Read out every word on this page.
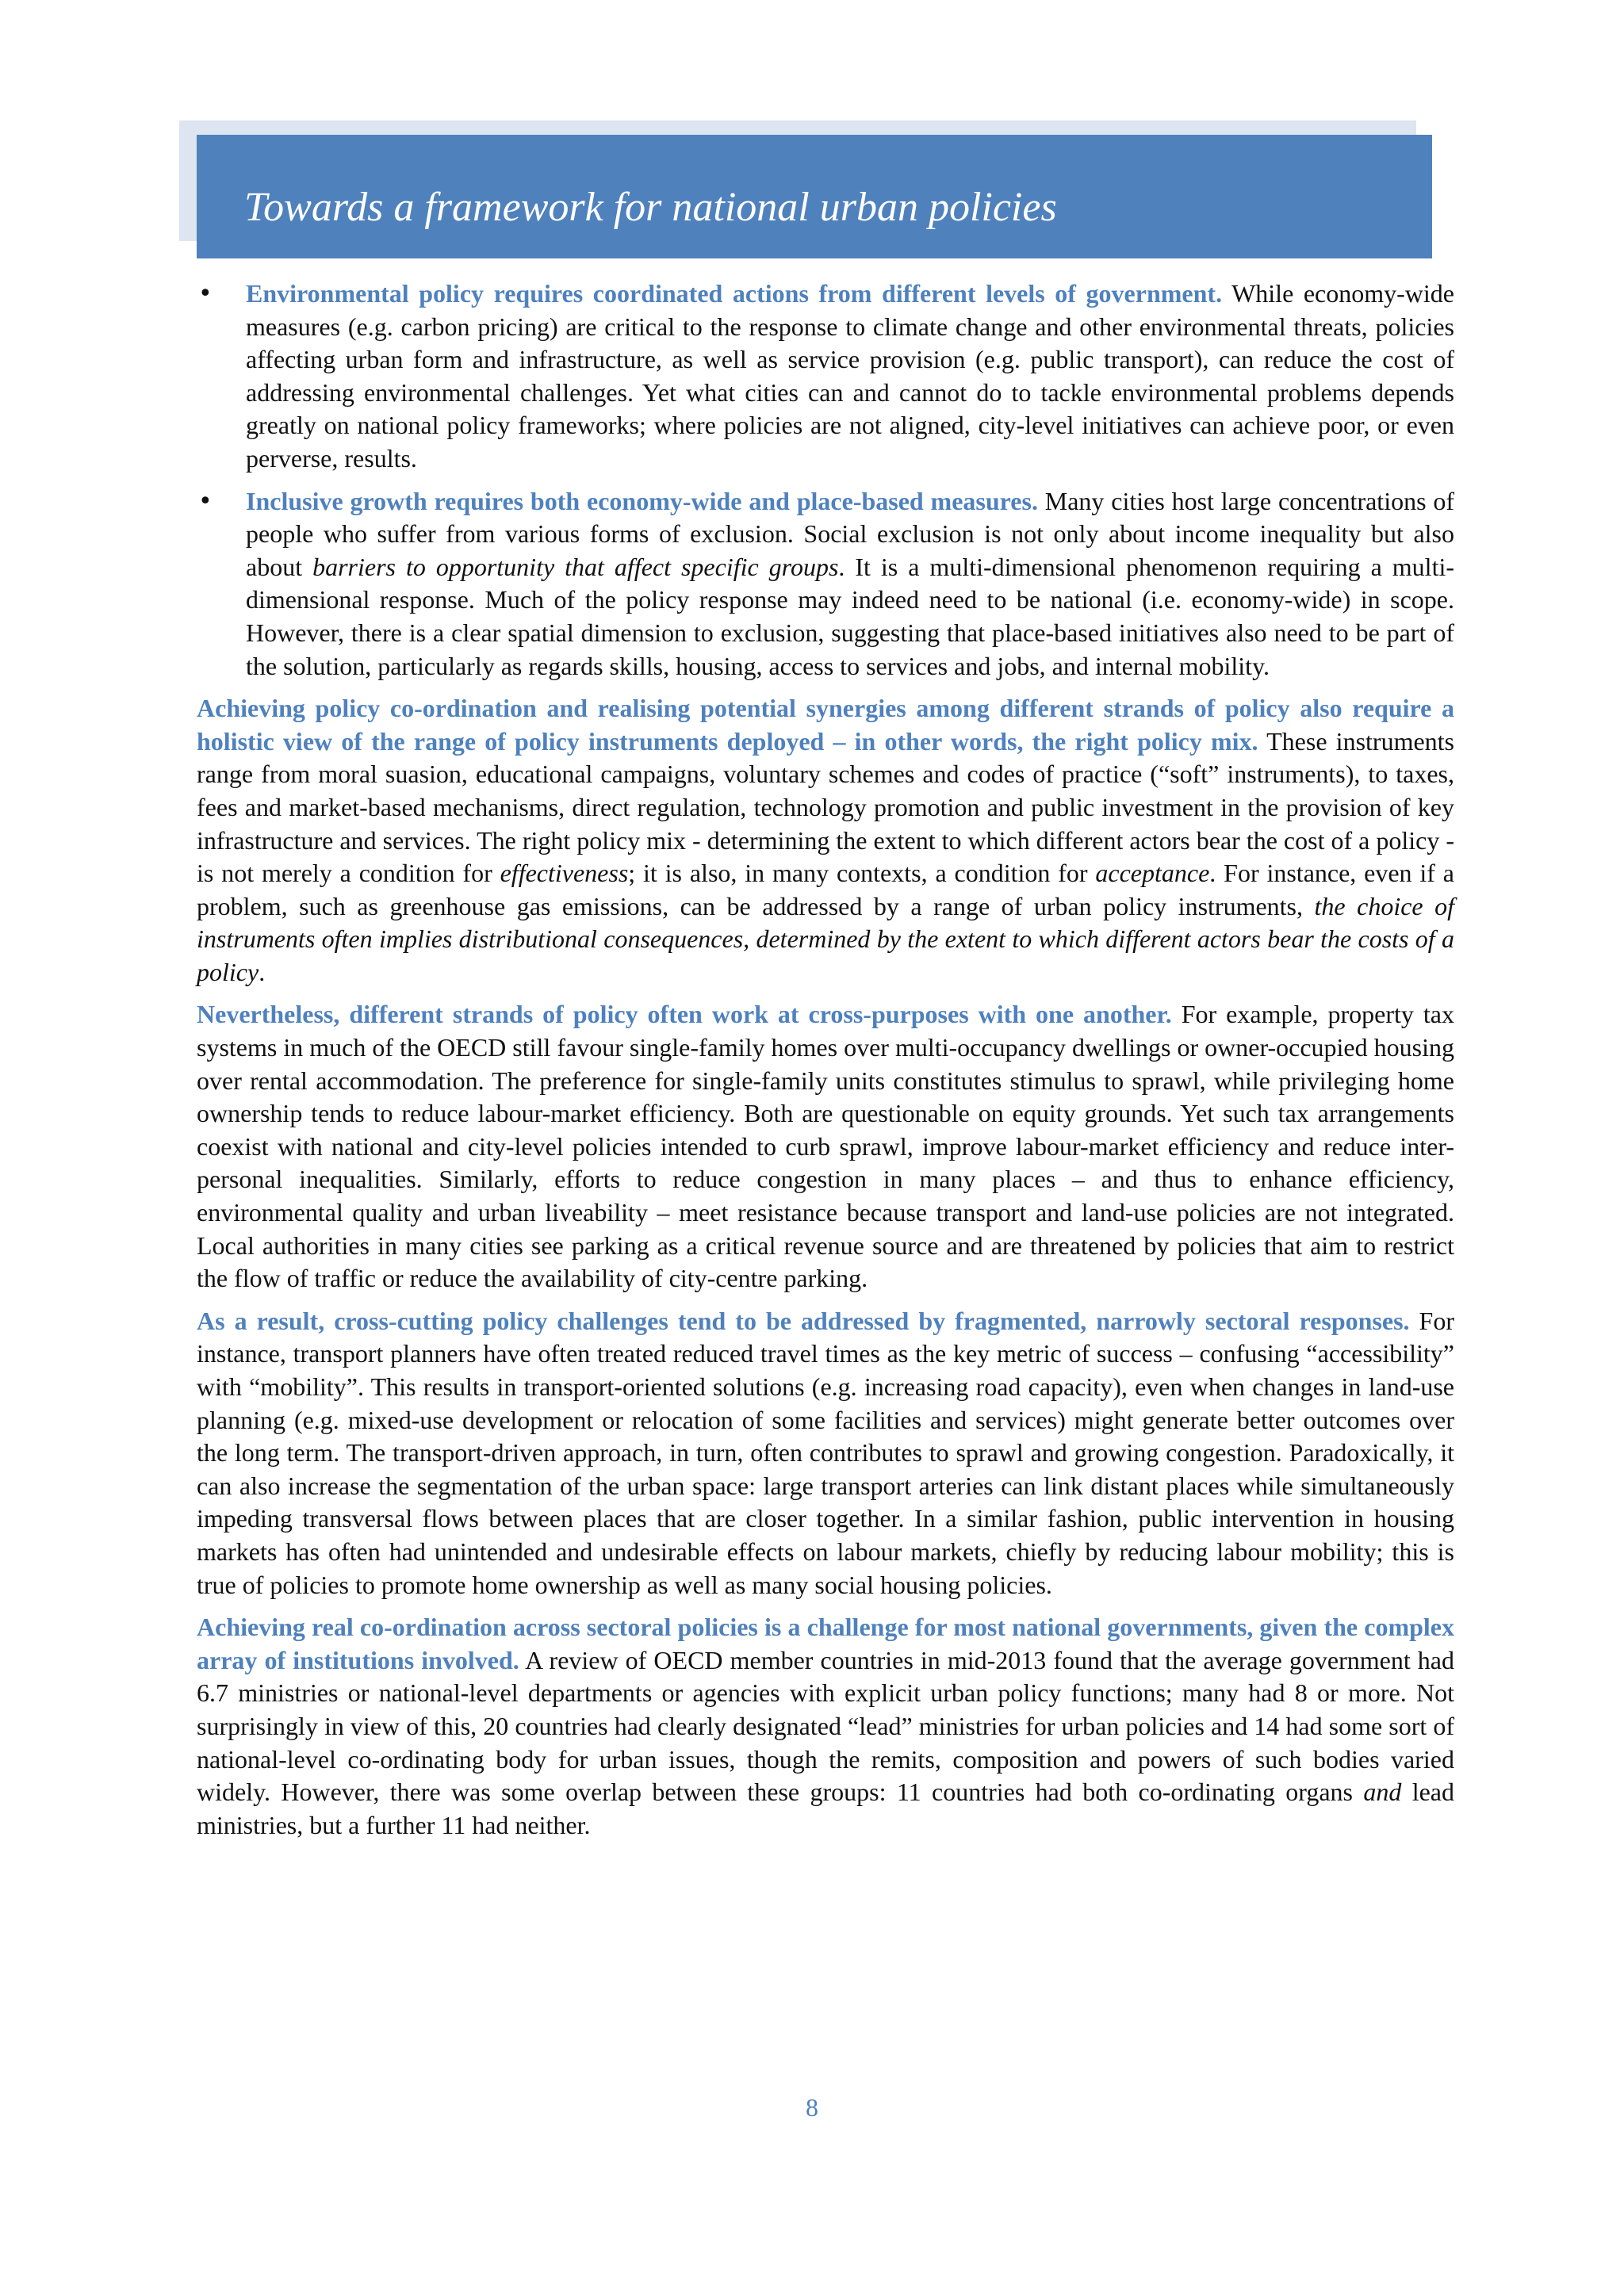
Towards a framework for national urban policies
• Environmental policy requires coordinated actions from different levels of government. While economy-wide measures (e.g. carbon pricing) are critical to the response to climate change and other environmental threats, policies affecting urban form and infrastructure, as well as service provision (e.g. public transport), can reduce the cost of addressing environmental challenges. Yet what cities can and cannot do to tackle environmental problems depends greatly on national policy frameworks; where policies are not aligned, city-level initiatives can achieve poor, or even perverse, results.
• Inclusive growth requires both economy-wide and place-based measures. Many cities host large concentrations of people who suffer from various forms of exclusion. Social exclusion is not only about income inequality but also about barriers to opportunity that affect specific groups. It is a multi-dimensional phenomenon requiring a multi-dimensional response. Much of the policy response may indeed need to be national (i.e. economy-wide) in scope. However, there is a clear spatial dimension to exclusion, suggesting that place-based initiatives also need to be part of the solution, particularly as regards skills, housing, access to services and jobs, and internal mobility.

Achieving policy co-ordination and realising potential synergies among different strands of policy also require a holistic view of the range of policy instruments deployed – in other words, the right policy mix. These instruments range from moral suasion, educational campaigns, voluntary schemes and codes of practice (“soft” instruments), to taxes, fees and market-based mechanisms, direct regulation, technology promotion and public investment in the provision of key infrastructure and services. The right policy mix - determining the extent to which different actors bear the cost of a policy - is not merely a condition for effectiveness; it is also, in many contexts, a condition for acceptance. For instance, even if a problem, such as greenhouse gas emissions, can be addressed by a range of urban policy instruments, the choice of instruments often implies distributional consequences, determined by the extent to which different actors bear the costs of a policy.

Nevertheless, different strands of policy often work at cross-purposes with one another. For example, property tax systems in much of the OECD still favour single-family homes over multi-occupancy dwellings or owner-occupied housing over rental accommodation. The preference for single-family units constitutes stimulus to sprawl, while privileging home ownership tends to reduce labour-market efficiency. Both are questionable on equity grounds. Yet such tax arrangements coexist with national and city-level policies intended to curb sprawl, improve labour-market efficiency and reduce inter-personal inequalities. Similarly, efforts to reduce congestion in many places – and thus to enhance efficiency, environmental quality and urban liveability – meet resistance because transport and land-use policies are not integrated. Local authorities in many cities see parking as a critical revenue source and are threatened by policies that aim to restrict the flow of traffic or reduce the availability of city-centre parking.

As a result, cross-cutting policy challenges tend to be addressed by fragmented, narrowly sectoral responses. For instance, transport planners have often treated reduced travel times as the key metric of success – confusing “accessibility” with “mobility”. This results in transport-oriented solutions (e.g. increasing road capacity), even when changes in land-use planning (e.g. mixed-use development or relocation of some facilities and services) might generate better outcomes over the long term. The transport-driven approach, in turn, often contributes to sprawl and growing congestion. Paradoxically, it can also increase the segmentation of the urban space: large transport arteries can link distant places while simultaneously impeding transversal flows between places that are closer together. In a similar fashion, public intervention in housing markets has often had unintended and undesirable effects on labour markets, chiefly by reducing labour mobility; this is true of policies to promote home ownership as well as many social housing policies.

Achieving real co-ordination across sectoral policies is a challenge for most national governments, given the complex array of institutions involved. A review of OECD member countries in mid-2013 found that the average government had 6.7 ministries or national-level departments or agencies with explicit urban policy functions; many had 8 or more. Not surprisingly in view of this, 20 countries had clearly designated “lead” ministries for urban policies and 14 had some sort of national-level co-ordinating body for urban issues, though the remits, composition and powers of such bodies varied widely. However, there was some overlap between these groups: 11 countries had both co-ordinating organs and lead ministries, but a further 11 had neither.

8
